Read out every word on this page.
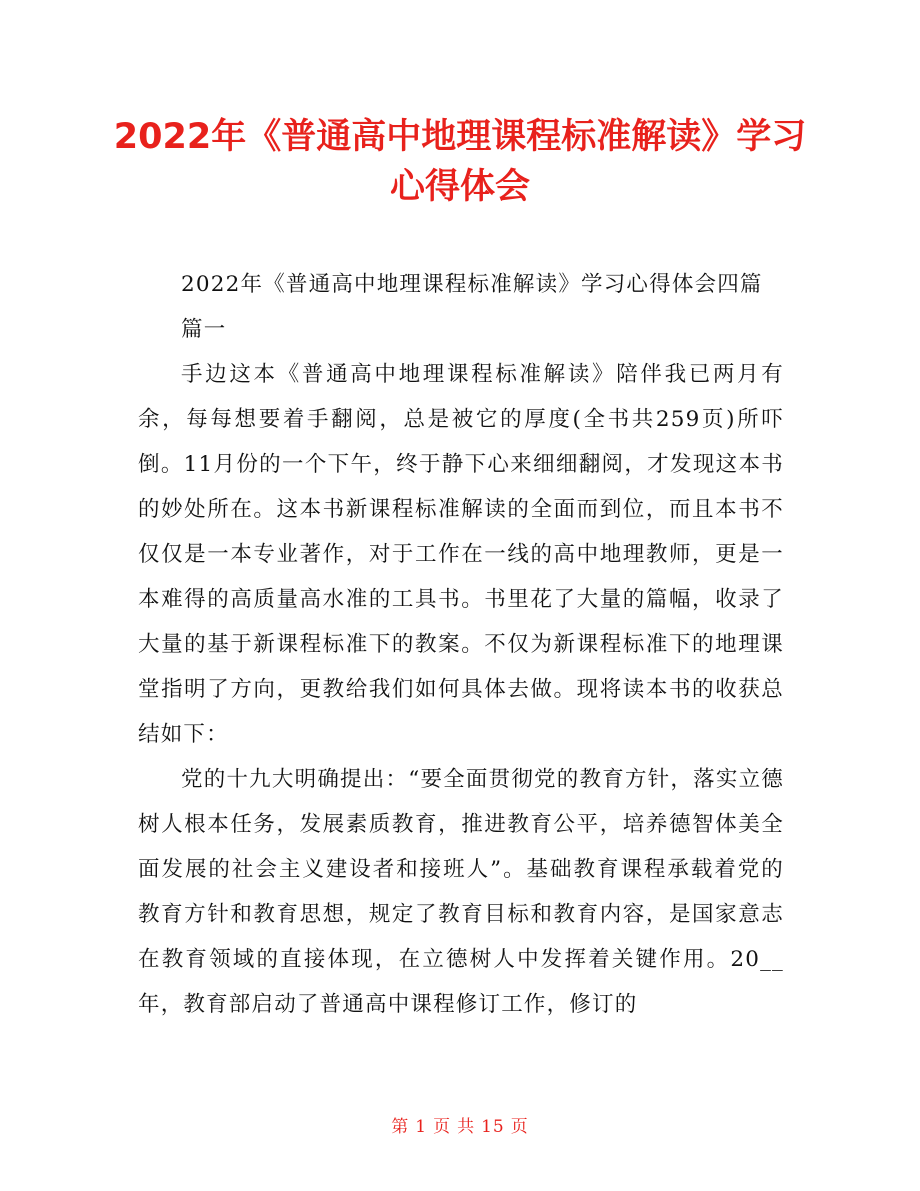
2022年《普通高中地理课程标准解读》学习心得体会

2022年《普通高中地理课程标准解读》学习心得体会四篇

篇一

手边这本《普通高中地理课程标准解读》陪伴我已两月有余，每每想要着手翻阅，总是被它的厚度(全书共259页)所吓倒。11月份的一个下午，终于静下心来细细翻阅，才发现这本书的妙处所在。这本书新课程标准解读的全面而到位，而且本书不仅仅是一本专业著作，对于工作在一线的高中地理教师，更是一本难得的高质量高水准的工具书。书里花了大量的篇幅，收录了大量的基于新课程标准下的教案。不仅为新课程标准下的地理课堂指明了方向，更教给我们如何具体去做。现将读本书的收获总结如下：

党的十九大明确提出：“要全面贯彻党的教育方针，落实立德树人根本任务，发展素质教育，推进教育公平，培养德智体美全面发展的社会主义建设者和接班人”。基础教育课程承载着党的教育方针和教育思想，规定了教育目标和教育内容，是国家意志在教育领域的直接体现，在立德树人中发挥着关键作用。20__年，教育部启动了普通高中课程修订工作，修订的

第 1 页 共 15 页
